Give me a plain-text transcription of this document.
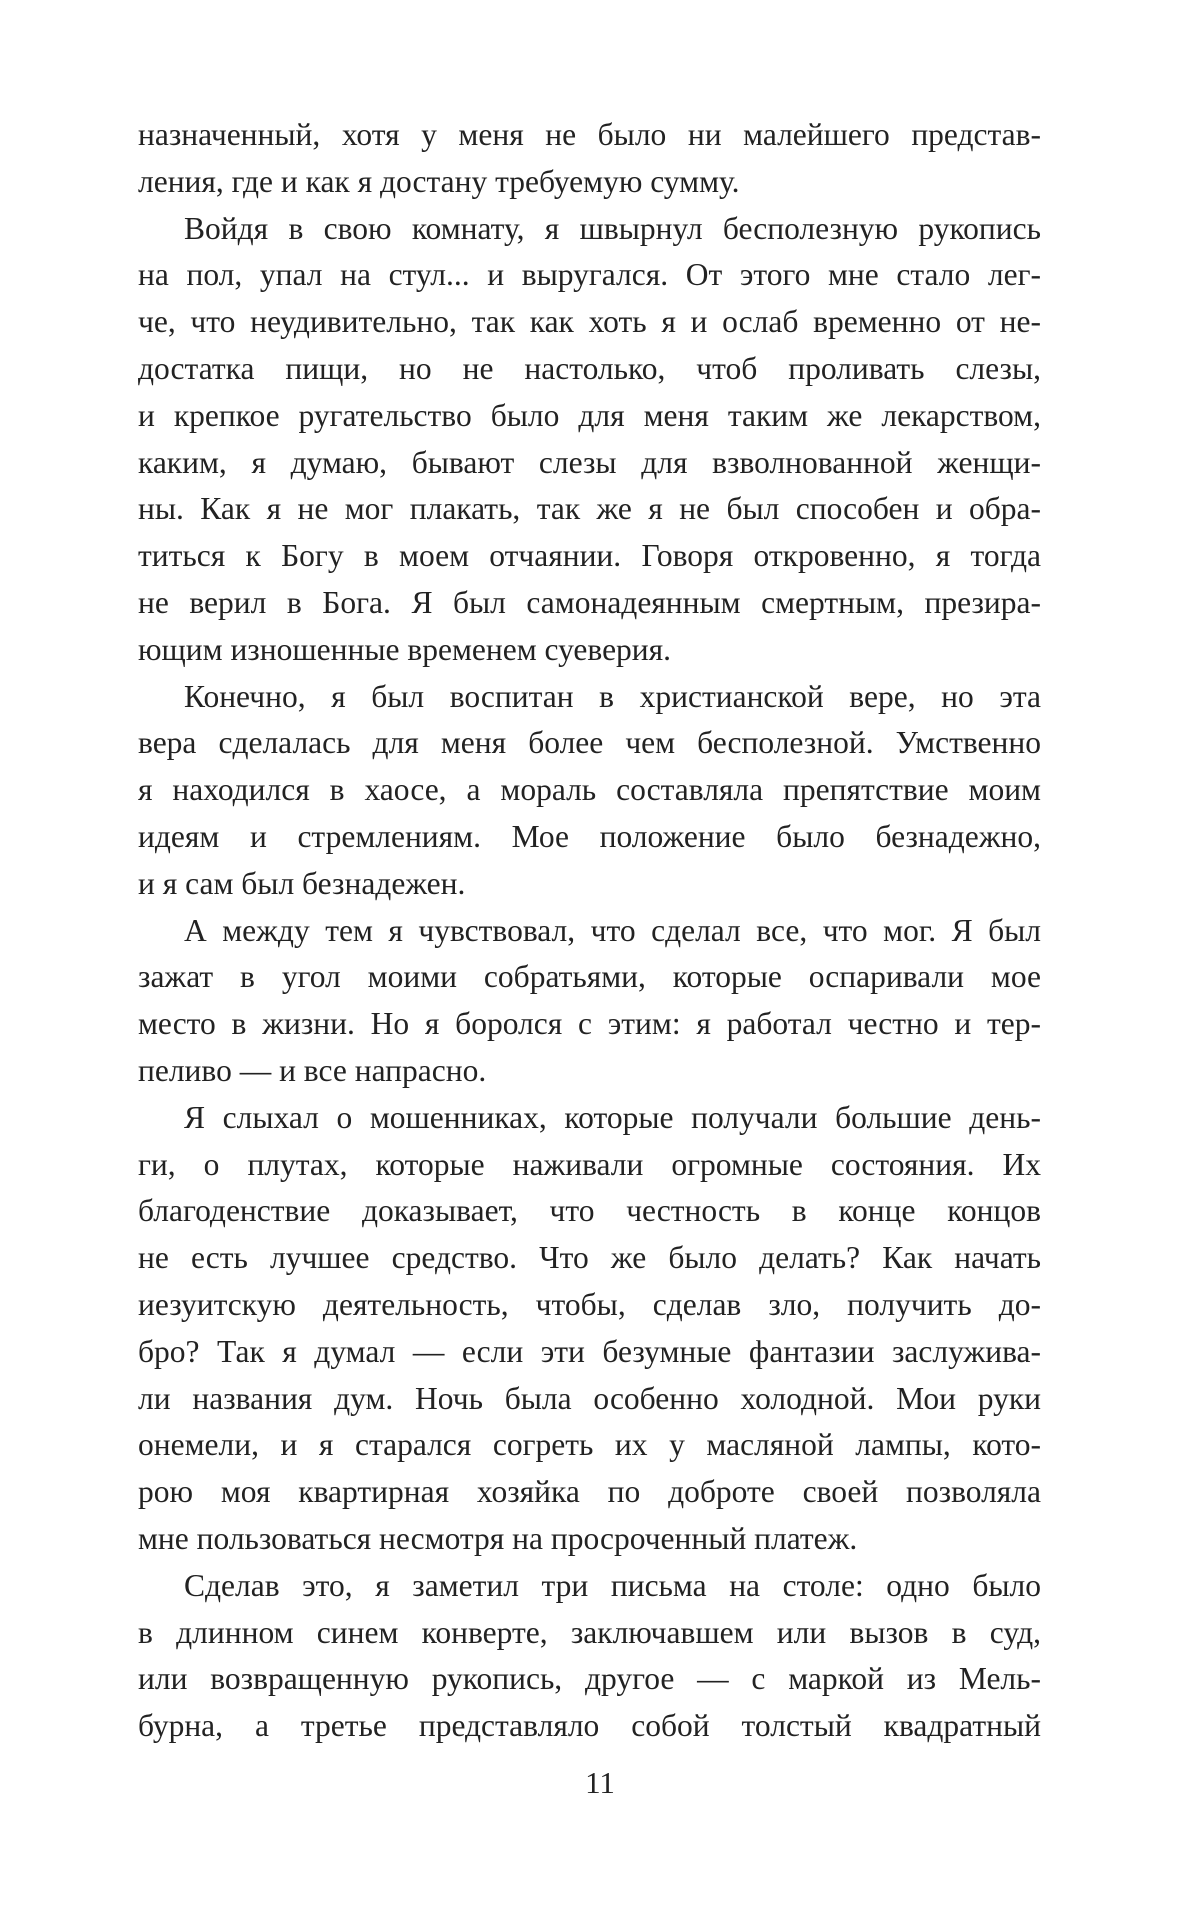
назначенный, хотя у меня не было ни малейшего представ-
ления, где и как я достану требуемую сумму.
Войдя в свою комнату, я швырнул бесполезную рукопись
на пол, упал на стул... и выругался. От этого мне стало лег-
че, что неудивительно, так как хоть я и ослаб временно от не-
достатка пищи, но не настолько, чтоб проливать слезы,
и крепкое ругательство было для меня таким же лекарством,
каким, я думаю, бывают слезы для взволнованной женщи-
ны. Как я не мог плакать, так же я не был способен и обра-
титься к Богу в моем отчаянии. Говоря откровенно, я тогда
не верил в Бога. Я был самонадеянным смертным, презира-
ющим изношенные временем суеверия.
Конечно, я был воспитан в христианской вере, но эта
вера сделалась для меня более чем бесполезной. Умственно
я находился в хаосе, а мораль составляла препятствие моим
идеям и стремлениям. Мое положение было безнадежно,
и я сам был безнадежен.
А между тем я чувствовал, что сделал все, что мог. Я был
зажат в угол моими собратьями, которые оспаривали мое
место в жизни. Но я боролся с этим: я работал честно и тер-
пеливо — и все напрасно.
Я слыхал о мошенниках, которые получали большие день-
ги, о плутах, которые наживали огромные состояния. Их
благоденствие доказывает, что честность в конце концов
не есть лучшее средство. Что же было делать? Как начать
иезуитскую деятельность, чтобы, сделав зло, получить до-
бро? Так я думал — если эти безумные фантазии заслужива-
ли названия дум. Ночь была особенно холодной. Мои руки
онемели, и я старался согреть их у масляной лампы, кото-
рою моя квартирная хозяйка по доброте своей позволяла
мне пользоваться несмотря на просроченный платеж.
Сделав это, я заметил три письма на столе: одно было
в длинном синем конверте, заключавшем или вызов в суд,
или возвращенную рукопись, другое — с маркой из Мель-
бурна, а третье представляло собой толстый квадратный
11
